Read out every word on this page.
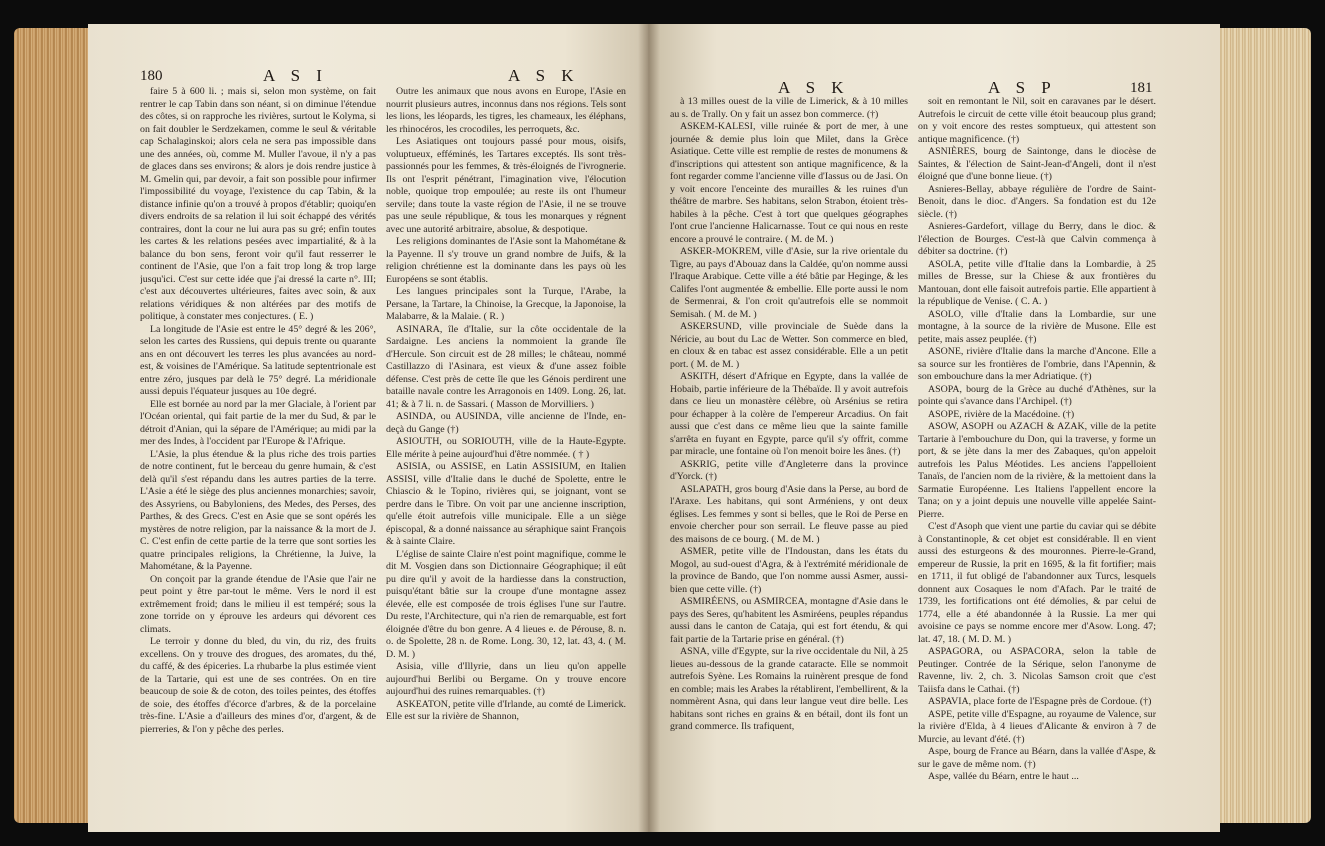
180	A S I	A S K

faire 5 à 600 li. ; mais si, selon mon système, on fait rentrer le cap Tabin dans son néant, si on diminue l'étendue des côtes, si on rapproche les rivières, surtout le Kolyma, si on fait doubler le Serdzekamen, comme le seul & véritable cap Schalaginskoi; alors cela ne sera pas impossible dans une des années, où, comme M. Muller l'avoue, il n'y a pas de glaces dans ses environs; & alors je dois rendre justice à M. Gmelin qui, par devoir, a fait son possible pour infirmer l'impossibilité du voyage, l'existence du cap Tabin, & la distance infinie qu'on a trouvé à propos d'établir; quoiqu'en divers endroits de sa relation il lui soit échappé des vérités contraires, dont la cour ne lui aura pas su gré; enfin toutes les cartes & les relations pesées avec impartialité, & à la balance du bon sens, feront voir qu'il faut resserrer le continent de l'Asie, que l'on a fait trop long & trop large jusqu'ici. C'est sur cette idée que j'ai dressé la carte n°. III; c'est aux découvertes ultérieures, faites avec soin, & aux relations véridiques & non altérées par des motifs de politique, à constater mes conjectures. ( E. )

La longitude de l'Asie est entre le 45° degré & les 206°, selon les cartes des Russiens, qui depuis trente ou quarante ans en ont découvert les terres les plus avancées au nord-est, & voisines de l'Amérique. Sa latitude septentrionale est entre zéro, jusques par delà le 75° degré. La méridionale aussi depuis l'équateur jusques au 10e degré.

Elle est bornée au nord par la mer Glaciale, à l'orient par l'Océan oriental, qui fait partie de la mer du Sud, & par le détroit d'Anian, qui la sépare de l'Amérique; au midi par la mer des Indes, à l'occident par l'Europe & l'Afrique.

L'Asie, la plus étendue & la plus riche des trois parties de notre continent, fut le berceau du genre humain, & c'est delà qu'il s'est répandu dans les autres parties de la terre. L'Asie a été le siège des plus anciennes monarchies; savoir, des Assyriens, ou Babyloniens, des Medes, des Perses, des Parthes, & des Grecs. C'est en Asie que se sont opérés les mystères de notre religion, par la naissance & la mort de J. C. C'est enfin de cette partie de la terre que sont sorties les quatre principales religions, la Chrétienne, la Juive, la Mahométane, & la Payenne.

On conçoit par la grande étendue de l'Asie que l'air ne peut point y être par-tout le même. Vers le nord il est extrêmement froid; dans le milieu il est tempéré; sous la zone torride on y éprouve les ardeurs qui dévorent ces climats.

Le terroir y donne du bled, du vin, du riz, des fruits excellens. On y trouve des drogues, des aromates, du thé, du caffé, & des épiceries. La rhubarbe la plus estimée vient de la Tartarie, qui est une de ses contrées. On en tire beaucoup de soie & de coton, des toiles peintes, des étoffes de soie, des étoffes d'écorce d'arbres, & de la porcelaine très-fine. L'Asie a d'ailleurs des mines d'or, d'argent, & de pierreries, & l'on y pêche des perles.

Outre les animaux que nous avons en Europe, l'Asie en nourrit plusieurs autres, inconnus dans nos régions. Tels sont les lions, les léopards, les tigres, les chameaux, les éléphans, les rhinocéros, les crocodiles, les perroquets, &c.

Les Asiatiques ont toujours passé pour mous, oisifs, voluptueux, efféminés, les Tartares exceptés. Ils sont très-passionnés pour les femmes, & très-éloignés de l'ivrognerie. Ils ont l'esprit pénétrant, l'imagination vive, l'élocution noble, quoique trop empoulée; au reste ils ont l'humeur servile; dans toute la vaste région de l'Asie, il ne se trouve pas une seule république, & tous les monarques y régnent avec une autorité arbitraire, absolue, & despotique.

Les religions dominantes de l'Asie sont la Mahométane & la Payenne. Il s'y trouve un grand nombre de Juifs, & la religion chrétienne est la dominante dans les pays où les Européens se sont établis.

Les langues principales sont la Turque, l'Arabe, la Persane, la Tartare, la Chinoise, la Grecque, la Japonoise, la Malabarre, & la Malaie. ( R. )

ASINARA, île d'Italie, sur la côte occidentale de la Sardaigne. Les anciens la nommoient la grande île d'Hercule. Son circuit est de 28 milles; le château, nommé Castillazzo di l'Asinara, est vieux & d'une assez foible défense. C'est près de cette île que les Génois perdirent une bataille navale contre les Arragonois en 1409. Long. 26, lat. 41; & à 7 li. n. de Sassari. ( Masson de Morvilliers. )

ASINDA, ou AUSINDA, ville ancienne de l'Inde, en-deçà du Gange (†)

ASIOUTH, ou SORIOUTH, ville de la Haute-Egypte. Elle mérite à peine aujourd'hui d'être nommée. ( † )

ASISIA, ou ASSISE, en Latin ASSISIUM, en Italien ASSISI, ville d'Italie dans le duché de Spolette, entre le Chiascio & le Topino, rivières qui, se joignant, vont se perdre dans le Tibre. On voit par une ancienne inscription, qu'elle étoit autrefois ville municipale. Elle a un siège épiscopal, & a donné naissance au séraphique saint François & à sainte Claire.

L'église de sainte Claire n'est point magnifique, comme le dit M. Vosgien dans son Dictionnaire Géographique; il eût pu dire qu'il y avoit de la hardiesse dans la construction, puisqu'étant bâtie sur la croupe d'une montagne assez élevée, elle est composée de trois églises l'une sur l'autre. Du reste, l'Architecture, qui n'a rien de remarquable, est fort éloignée d'être du bon genre. A 4 lieues e. de Pérouse, 8. n. o. de Spolette, 28 n. de Rome. Long. 30, 12, lat. 43, 4. ( M. D. M. )

Asisia, ville d'Illyrie, dans un lieu qu'on appelle aujourd'hui Berlibi ou Bergame. On y trouve encore aujourd'hui des ruines remarquables. (†)

ASKEATON, petite ville d'Irlande, au comté de Limerick. Elle est sur la rivière de Shannon,

A S K	A S P	181

à 13 milles ouest de la ville de Limerick, & à 10 milles au s. de Trally. On y fait un assez bon commerce. (†)

ASKEM-KALESI, ville ruinée & port de mer, à une journée & demie plus loin que Milet, dans la Grèce Asiatique. Cette ville est remplie de restes de monumens & d'inscriptions qui attestent son antique magnificence, & la font regarder comme l'ancienne ville d'Iassus ou de Jasi. On y voit encore l'enceinte des murailles & les ruines d'un théâtre de marbre. Ses habitans, selon Strabon, étoient très-habiles à la pêche. C'est à tort que quelques géographes l'ont crue l'ancienne Halicarnasse. Tout ce qui nous en reste encore a prouvé le contraire. ( M. de M. )

ASKER-MOKREM, ville d'Asie, sur la rive orientale du Tigre, au pays d'Abouaz dans la Caldée, qu'on nomme aussi l'Iraque Arabique. Cette ville a été bâtie par Heginge, & les Califes l'ont augmentée & embellie. Elle porte aussi le nom de Sermenrai, & l'on croit qu'autrefois elle se nommoit Semisah. ( M. de M. )

ASKERSUND, ville provinciale de Suède dans la Néricie, au bout du Lac de Wetter. Son commerce en bled, en cloux & en tabac est assez considérable. Elle a un petit port. ( M. de M. )

ASKITH, désert d'Afrique en Egypte, dans la vallée de Hobaib, partie inférieure de la Thébaïde. Il y avoit autrefois dans ce lieu un monastère célèbre, où Arsénius se retira pour échapper à la colère de l'empereur Arcadius. On fait aussi que c'est dans ce même lieu que la sainte famille s'arrêta en fuyant en Egypte, parce qu'il s'y offrit, comme par miracle, une fontaine où l'on menoit boire les ânes. (†)

ASKRIG, petite ville d'Angleterre dans la province d'Yorck. (†)

ASLAPATH, gros bourg d'Asie dans la Perse, au bord de l'Araxe. Les habitans, qui sont Arméniens, y ont deux églises. Les femmes y sont si belles, que le Roi de Perse en envoie chercher pour son serrail. Le fleuve passe au pied des maisons de ce bourg. ( M. de M. )

ASMER, petite ville de l'Indoustan, dans les états du Mogol, au sud-ouest d'Agra, & à l'extrémité méridionale de la province de Bando, que l'on nomme aussi Asmer, aussi-bien que cette ville. (†)

ASMIRÉENS, ou ASMIRCEA, montagne d'Asie dans le pays des Seres, qu'habitent les Asmiréens, peuples répandus aussi dans le canton de Cataja, qui est fort étendu, & qui fait partie de la Tartarie prise en général. (†)

ASNA, ville d'Egypte, sur la rive occidentale du Nil, à 25 lieues au-dessous de la grande cataracte. Elle se nommoit autrefois Syène. Les Romains la ruinèrent presque de fond en comble; mais les Arabes la rétablirent, l'embellirent, & la nommèrent Asna, qui dans leur langue veut dire belle. Les habitans sont riches en grains & en bétail, dont ils font un grand commerce. Ils trafiquent,

soit en remontant le Nil, soit en caravanes par le désert. Autrefois le circuit de cette ville étoit beaucoup plus grand; on y voit encore des restes somptueux, qui attestent son antique magnificence. (†)

ASNIÈRES, bourg de Saintonge, dans le diocèse de Saintes, & l'élection de Saint-Jean-d'Angeli, dont il n'est éloigné que d'une bonne lieue. (†)

Asnieres-Bellay, abbaye régulière de l'ordre de Saint-Benoit, dans le dioc. d'Angers. Sa fondation est du 12e siècle. (†)

Asnieres-Gardefort, village du Berry, dans le dioc. & l'élection de Bourges. C'est-là que Calvin commença à débiter sa doctrine. (†)

ASOLA, petite ville d'Italie dans la Lombardie, à 25 milles de Bresse, sur la Chiese & aux frontières du Mantouan, dont elle faisoit autrefois partie. Elle appartient à la république de Venise. ( C. A. )

ASOLO, ville d'Italie dans la Lombardie, sur une montagne, à la source de la rivière de Musone. Elle est petite, mais assez peuplée. (†)

ASONE, rivière d'Italie dans la marche d'Ancone. Elle a sa source sur les frontières de l'ombrie, dans l'Apennin, & son embouchure dans la mer Adriatique. (†)

ASOPA, bourg de la Grèce au duché d'Athènes, sur la pointe qui s'avance dans l'Archipel. (†)

ASOPE, rivière de la Macédoine. (†)

ASOW, ASOPH ou AZACH & AZAK, ville de la petite Tartarie à l'embouchure du Don, qui la traverse, y forme un port, & se jète dans la mer des Zabaques, qu'on appeloit autrefois les Palus Méotides. Les anciens l'appelloient Tanaïs, de l'ancien nom de la rivière, & la mettoient dans la Sarmatie Européenne. Les Italiens l'appellent encore la Tana; on y a joint depuis une nouvelle ville appelée Saint-Pierre.

C'est d'Asoph que vient une partie du caviar qui se débite à Constantinople, & cet objet est considérable. Il en vient aussi des esturgeons & des mouronnes. Pierre-le-Grand, empereur de Russie, la prit en 1695, & la fit fortifier; mais en 1711, il fut obligé de l'abandonner aux Turcs, lesquels donnent aux Cosaques le nom d'Afach. Par le traité de 1739, les fortifications ont été démolies, & par celui de 1774, elle a été abandonnée à la Russie. La mer qui avoisine ce pays se nomme encore mer d'Asow. Long. 47; lat. 47, 18. ( M. D. M. )

ASPAGORA, ou ASPACORA, selon la table de Peutinger. Contrée de la Sérique, selon l'anonyme de Ravenne, liv. 2, ch. 3. Nicolas Samson croit que c'est Taiisfa dans le Cathai. (†)

ASPAVIA, place forte de l'Espagne près de Cordoue. (†)

ASPE, petite ville d'Espagne, au royaume de Valence, sur la rivière d'Elda, à 4 lieues d'Alicante & environ à 7 de Murcie, au levant d'été. (†)

Aspe, bourg de France au Béarn, dans la vallée d'Aspe, & sur le gave de même nom. (†)

Aspe, vallée du Béarn, entre le haut ...
